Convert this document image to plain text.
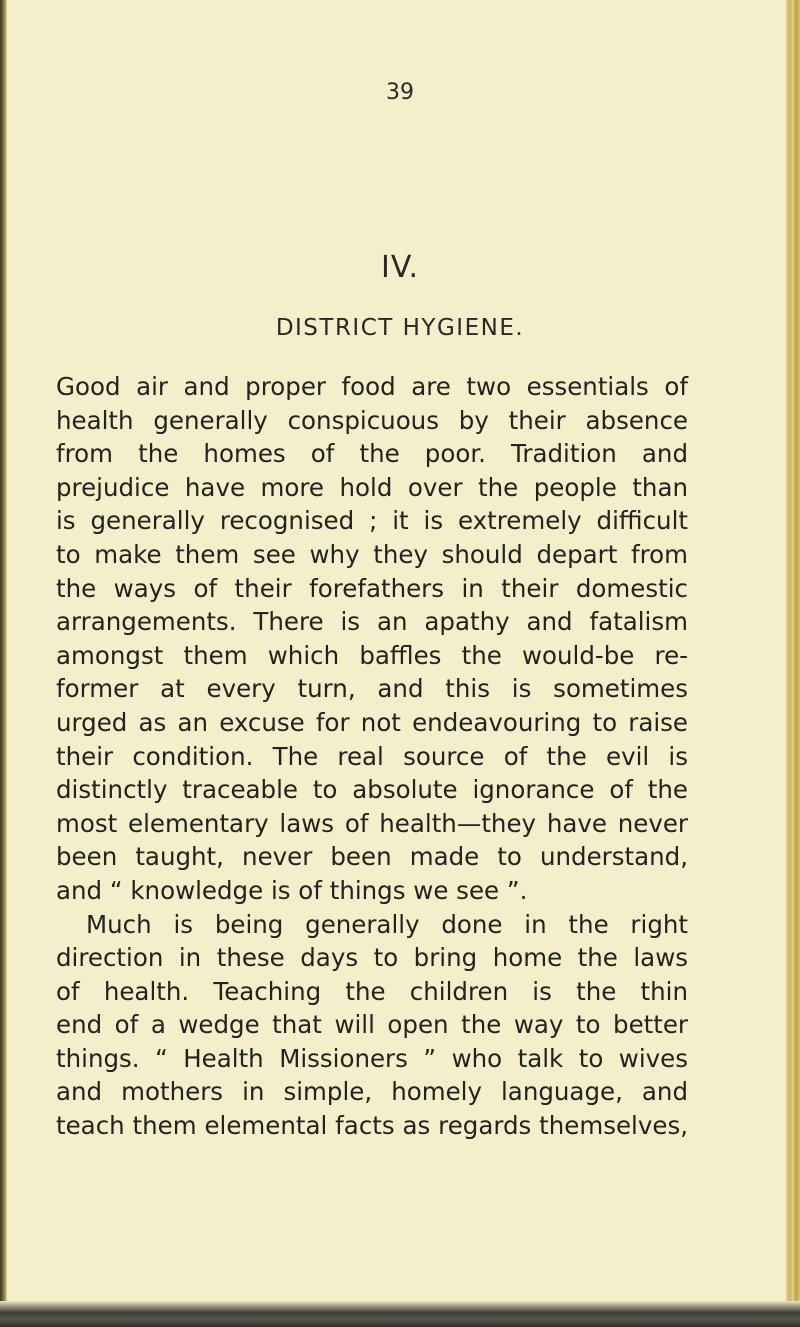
39
IV.
DISTRICT HYGIENE.
Good air and proper food are two essentials of
health generally conspicuous by their absence
from the homes of the poor. Tradition and
prejudice have more hold over the people than
is generally recognised ; it is extremely difficult
to make them see why they should depart from
the ways of their forefathers in their domestic
arrangements. There is an apathy and fatalism
amongst them which baffles the would-be re-
former at every turn, and this is sometimes
urged as an excuse for not endeavouring to raise
their condition. The real source of the evil is
distinctly traceable to absolute ignorance of the
most elementary laws of health—they have never
been taught, never been made to understand,
and “ knowledge is of things we see ”.
Much is being generally done in the right
direction in these days to bring home the laws
of health. Teaching the children is the thin
end of a wedge that will open the way to better
things. “ Health Missioners ” who talk to wives
and mothers in simple, homely language, and
teach them elemental facts as regards themselves,
